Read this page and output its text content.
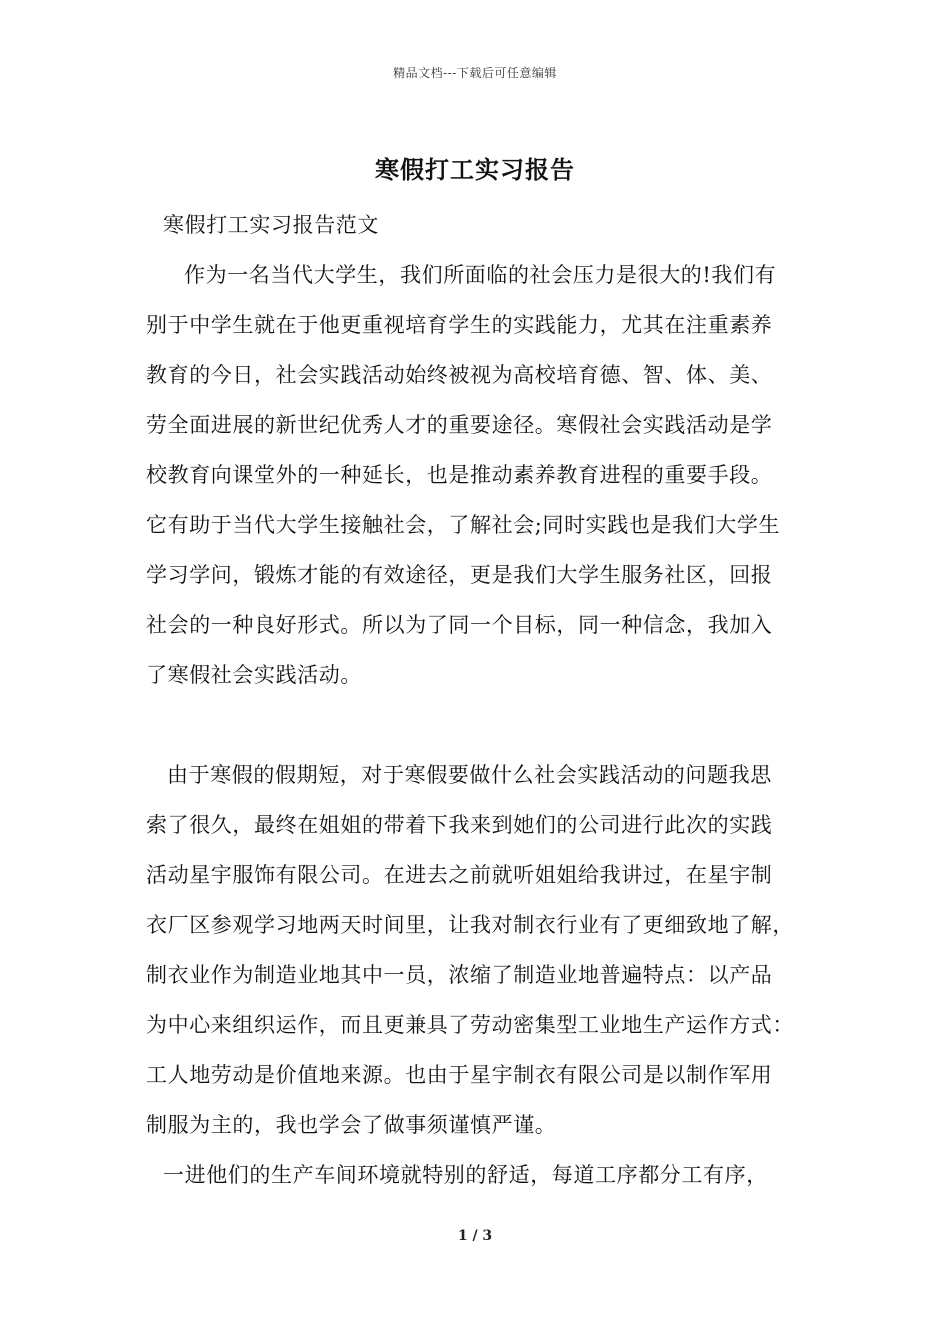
精品文档---下载后可任意编辑
寒假打工实习报告
寒假打工实习报告范文
作为一名当代大学生，我们所面临的社会压力是很大的!我们有
别于中学生就在于他更重视培育学生的实践能力，尤其在注重素养
教育的今日，社会实践活动始终被视为高校培育德、智、体、美、
劳全面进展的新世纪优秀人才的重要途径。寒假社会实践活动是学
校教育向课堂外的一种延长，也是推动素养教育进程的重要手段。
它有助于当代大学生接触社会，了解社会;同时实践也是我们大学生
学习学问，锻炼才能的有效途径，更是我们大学生服务社区，回报
社会的一种良好形式。所以为了同一个目标，同一种信念，我加入
了寒假社会实践活动。
由于寒假的假期短，对于寒假要做什么社会实践活动的问题我思
索了很久，最终在姐姐的带着下我来到她们的公司进行此次的实践
活动星宇服饰有限公司。在进去之前就听姐姐给我讲过，在星宇制
衣厂区参观学习地两天时间里，让我对制衣行业有了更细致地了解，
制衣业作为制造业地其中一员，浓缩了制造业地普遍特点：以产品
为中心来组织运作，而且更兼具了劳动密集型工业地生产运作方式：
工人地劳动是价值地来源。也由于星宇制衣有限公司是以制作军用
制服为主的，我也学会了做事须谨慎严谨。
一进他们的生产车间环境就特别的舒适，每道工序都分工有序，
1 / 3
